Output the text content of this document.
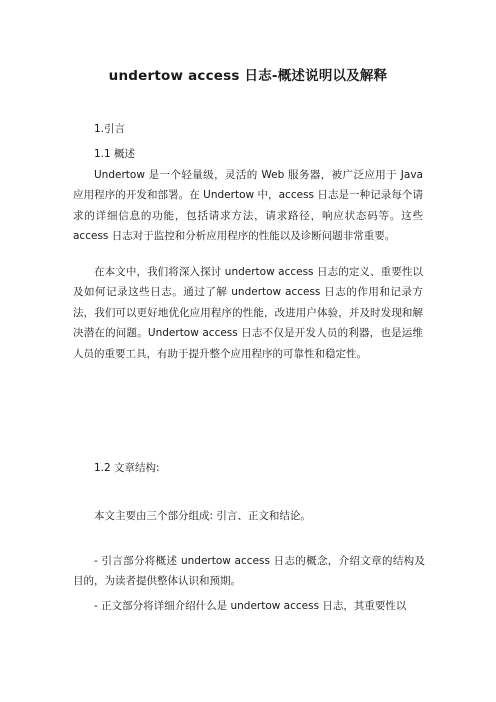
undertow access 日志-概述说明以及解释

1.引言

1.1 概述

Undertow 是一个轻量级，灵活的 Web 服务器，被广泛应用于 Java 应用程序的开发和部署。在 Undertow 中，access 日志是一种记录每个请求的详细信息的功能，包括请求方法，请求路径，响应状态码等。这些 access 日志对于监控和分析应用程序的性能以及诊断问题非常重要。

在本文中，我们将深入探讨 undertow access 日志的定义、重要性以及如何记录这些日志。通过了解 undertow access 日志的作用和记录方法，我们可以更好地优化应用程序的性能，改进用户体验，并及时发现和解决潜在的问题。Undertow access 日志不仅是开发人员的利器，也是运维人员的重要工具，有助于提升整个应用程序的可靠性和稳定性。

1.2 文章结构:

本文主要由三个部分组成: 引言、正文和结论。

- 引言部分将概述 undertow access 日志的概念，介绍文章的结构及目的，为读者提供整体认识和预期。

- 正文部分将详细介绍什么是 undertow access 日志，其重要性以
